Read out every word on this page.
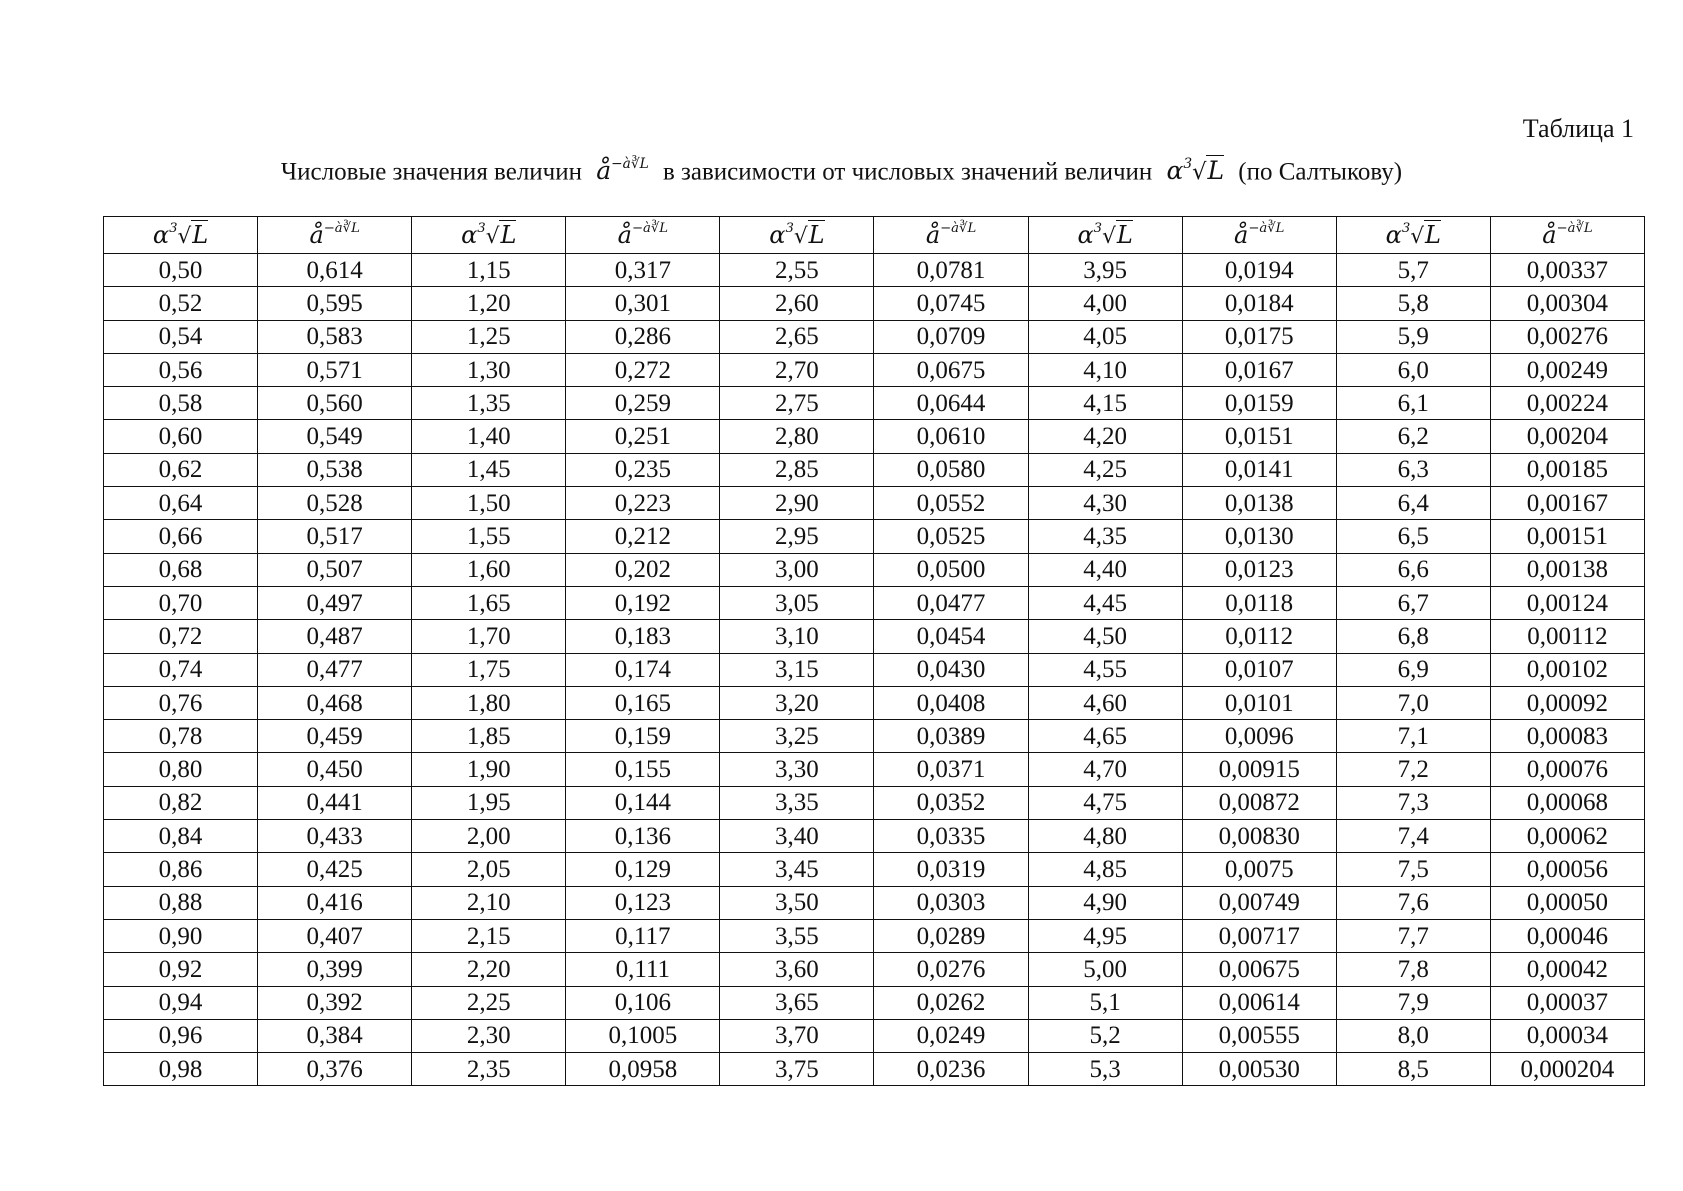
Таблица 1
Числовые значения величин $å^{-à∛L}$ в зависимости от числовых значений величин $\alpha^3√L$ (по Салтыкову)
$\alpha^3√L$	$å^{-à∛L}$	$\alpha^3√L$	$å^{-à∛L}$	$\alpha^3√L$	$å^{-à∛L}$	$\alpha^3√L$	$å^{-à∛L}$	$\alpha^3√L$	$å^{-à∛L}$
0,50	0,614	1,15	0,317	2,55	0,0781	3,95	0,0194	5,7	0,00337
0,52	0,595	1,20	0,301	2,60	0,0745	4,00	0,0184	5,8	0,00304
0,54	0,583	1,25	0,286	2,65	0,0709	4,05	0,0175	5,9	0,00276
0,56	0,571	1,30	0,272	2,70	0,0675	4,10	0,0167	6,0	0,00249
0,58	0,560	1,35	0,259	2,75	0,0644	4,15	0,0159	6,1	0,00224
0,60	0,549	1,40	0,251	2,80	0,0610	4,20	0,0151	6,2	0,00204
0,62	0,538	1,45	0,235	2,85	0,0580	4,25	0,0141	6,3	0,00185
0,64	0,528	1,50	0,223	2,90	0,0552	4,30	0,0138	6,4	0,00167
0,66	0,517	1,55	0,212	2,95	0,0525	4,35	0,0130	6,5	0,00151
0,68	0,507	1,60	0,202	3,00	0,0500	4,40	0,0123	6,6	0,00138
0,70	0,497	1,65	0,192	3,05	0,0477	4,45	0,0118	6,7	0,00124
0,72	0,487	1,70	0,183	3,10	0,0454	4,50	0,0112	6,8	0,00112
0,74	0,477	1,75	0,174	3,15	0,0430	4,55	0,0107	6,9	0,00102
0,76	0,468	1,80	0,165	3,20	0,0408	4,60	0,0101	7,0	0,00092
0,78	0,459	1,85	0,159	3,25	0,0389	4,65	0,0096	7,1	0,00083
0,80	0,450	1,90	0,155	3,30	0,0371	4,70	0,00915	7,2	0,00076
0,82	0,441	1,95	0,144	3,35	0,0352	4,75	0,00872	7,3	0,00068
0,84	0,433	2,00	0,136	3,40	0,0335	4,80	0,00830	7,4	0,00062
0,86	0,425	2,05	0,129	3,45	0,0319	4,85	0,0075	7,5	0,00056
0,88	0,416	2,10	0,123	3,50	0,0303	4,90	0,00749	7,6	0,00050
0,90	0,407	2,15	0,117	3,55	0,0289	4,95	0,00717	7,7	0,00046
0,92	0,399	2,20	0,111	3,60	0,0276	5,00	0,00675	7,8	0,00042
0,94	0,392	2,25	0,106	3,65	0,0262	5,1	0,00614	7,9	0,00037
0,96	0,384	2,30	0,1005	3,70	0,0249	5,2	0,00555	8,0	0,00034
0,98	0,376	2,35	0,0958	3,75	0,0236	5,3	0,00530	8,5	0,000204
